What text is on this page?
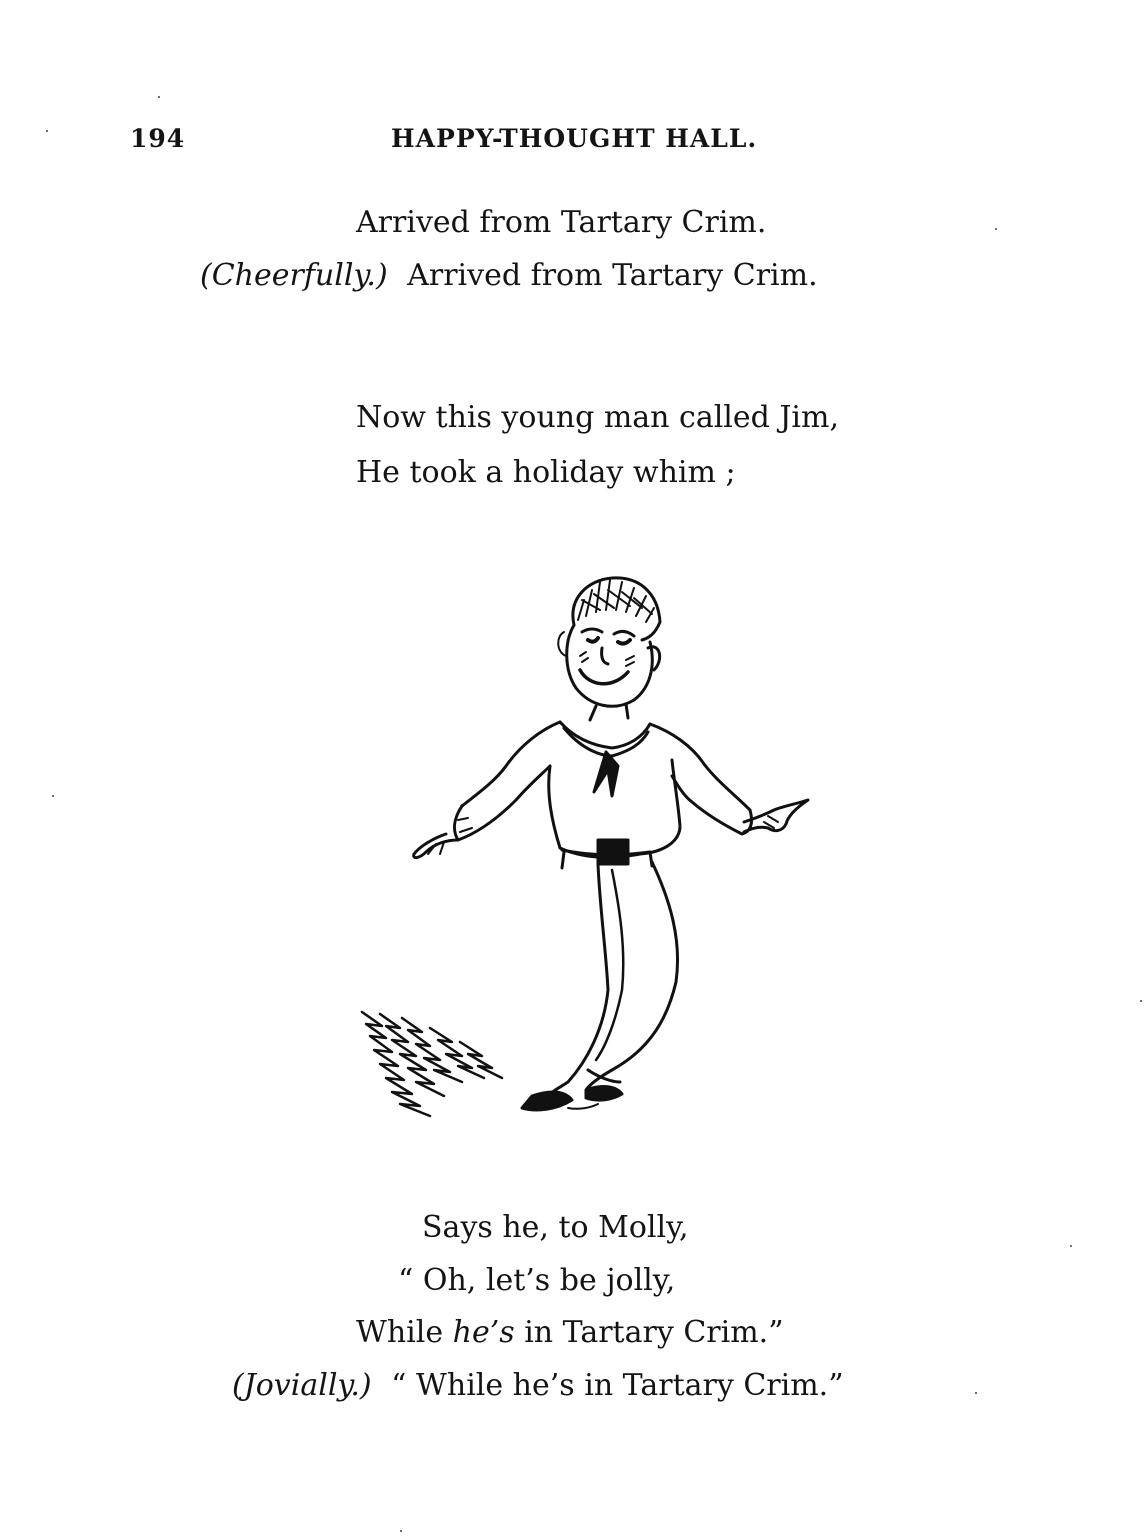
194	HAPPY-THOUGHT HALL.
Arrived from Tartary Crim.
(Cheerfully.) Arrived from Tartary Crim.
Now this young man called Jim,
He took a holiday whim ;
Says he, to Molly,
“ Oh, let’s be jolly,
While he’s in Tartary Crim.”
(Jovially.) “ While he’s in Tartary Crim.”
